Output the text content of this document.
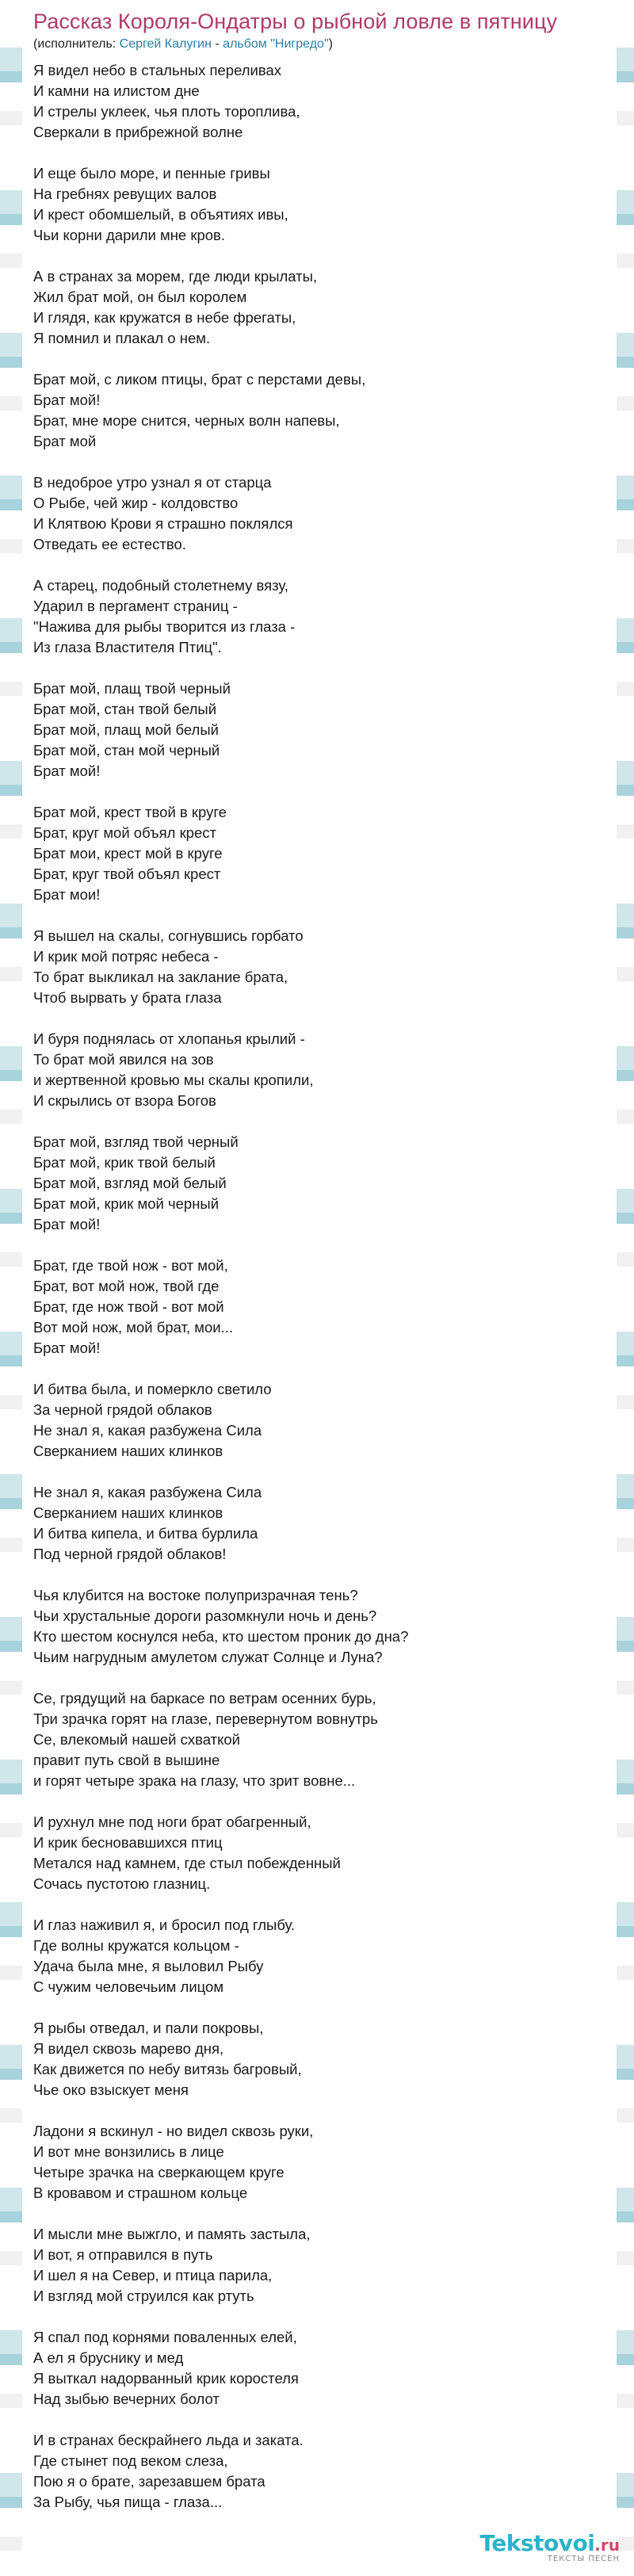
Рассказ Короля-Ондатры о рыбной ловле в пятницу
(исполнитель: Сергей Калугин - альбом "Нигредо")
Я видел небо в стальных переливах
И камни на илистом дне
И стрелы уклеек, чья плоть тороплива,
Сверкали в прибрежной волне
И еще было море, и пенные гривы
На гребнях ревущих валов
И крест обомшелый, в объятиях ивы,
Чьи корни дарили мне кров.
А в странах за морем, где люди крылаты,
Жил брат мой, он был королем
И глядя, как кружатся в небе фрегаты,
Я помнил и плакал о нем.
Брат мой, с ликом птицы, брат с перстами девы,
Брат мой!
Брат, мне море снится, черных волн напевы,
Брат мой
В недоброе утро узнал я от старца
О Рыбе, чей жир - колдовство
И Клятвою Крови я страшно поклялся
Отведать ее естество.
А старец, подобный столетнему вязу,
Ударил в пергамент страниц -
"Нажива для рыбы творится из глаза -
Из глаза Властителя Птиц".
Брат мой, плащ твой черный
Брат мой, стан твой белый
Брат мой, плащ мой белый
Брат мой, стан мой черный
Брат мой!
Брат мой, крест твой в круге
Брат, круг мой объял крест
Брат мои, крест мой в круге
Брат, круг твой объял крест
Брат мои!
Я вышел на скалы, согнувшись горбато
И крик мой потряс небеса -
То брат выкликал на заклание брата,
Чтоб вырвать у брата глаза
И буря поднялась от хлопанья крылий -
То брат мой явился на зов
и жертвенной кровью мы скалы кропили,
И скрылись от взора Богов
Брат мой, взгляд твой черный
Брат мой, крик твой белый
Брат мой, взгляд мой белый
Брат мой, крик мой черный
Брат мой!
Брат, где твой нож - вот мой,
Брат, вот мой нож, твой где
Брат, где нож твой - вот мой
Вот мой нож, мой брат, мои...
Брат мой!
И битва была, и померкло светило
За черной грядой облаков
Не знал я, какая разбужена Сила
Сверканием наших клинков
Не знал я, какая разбужена Сила
Сверканием наших клинков
И битва кипела, и битва бурлила
Под черной грядой облаков!
Чья клубится на востоке полупризрачная тень?
Чьи хрустальные дороги разомкнули ночь и день?
Кто шестом коснулся неба, кто шестом проник до дна?
Чьим нагрудным амулетом служат Солнце и Луна?
Се, грядущий на баркасе по ветрам осенних бурь,
Три зрачка горят на глазе, перевернутом вовнутрь
Се, влекомый нашей схваткой
правит путь свой в вышине
и горят четыре зрака на глазу, что зрит вовне...
И рухнул мне под ноги брат обагренный,
И крик бесновавшихся птиц
Метался над камнем, где стыл побежденный
Сочась пустотою глазниц.
И глаз наживил я, и бросил под глыбу.
Где волны кружатся кольцом -
Удача была мне, я выловил Рыбу
С чужим человечьим лицом
Я рыбы отведал, и пали покровы,
Я видел сквозь марево дня,
Как движется по небу витязь багровый,
Чье око взыскует меня
Ладони я вскинул - но видел сквозь руки,
И вот мне вонзились в лице
Четыре зрачка на сверкающем круге
В кровавом и страшном кольце
И мысли мне выжгло, и память застыла,
И вот, я отправился в путь
И шел я на Север, и птица парила,
И взгляд мой струился как ртуть
Я спал под корнями поваленных елей,
А ел я бруснику и мед
Я выткал надорванный крик коростеля
Над зыбью вечерних болот
И в странах бескрайнего льда и заката.
Где стынет под веком слеза,
Пою я о брате, зарезавшем брата
За Рыбу, чья пища - глаза...
Tekstovoi.ru
ТЕКСТЫ ПЕСЕН
